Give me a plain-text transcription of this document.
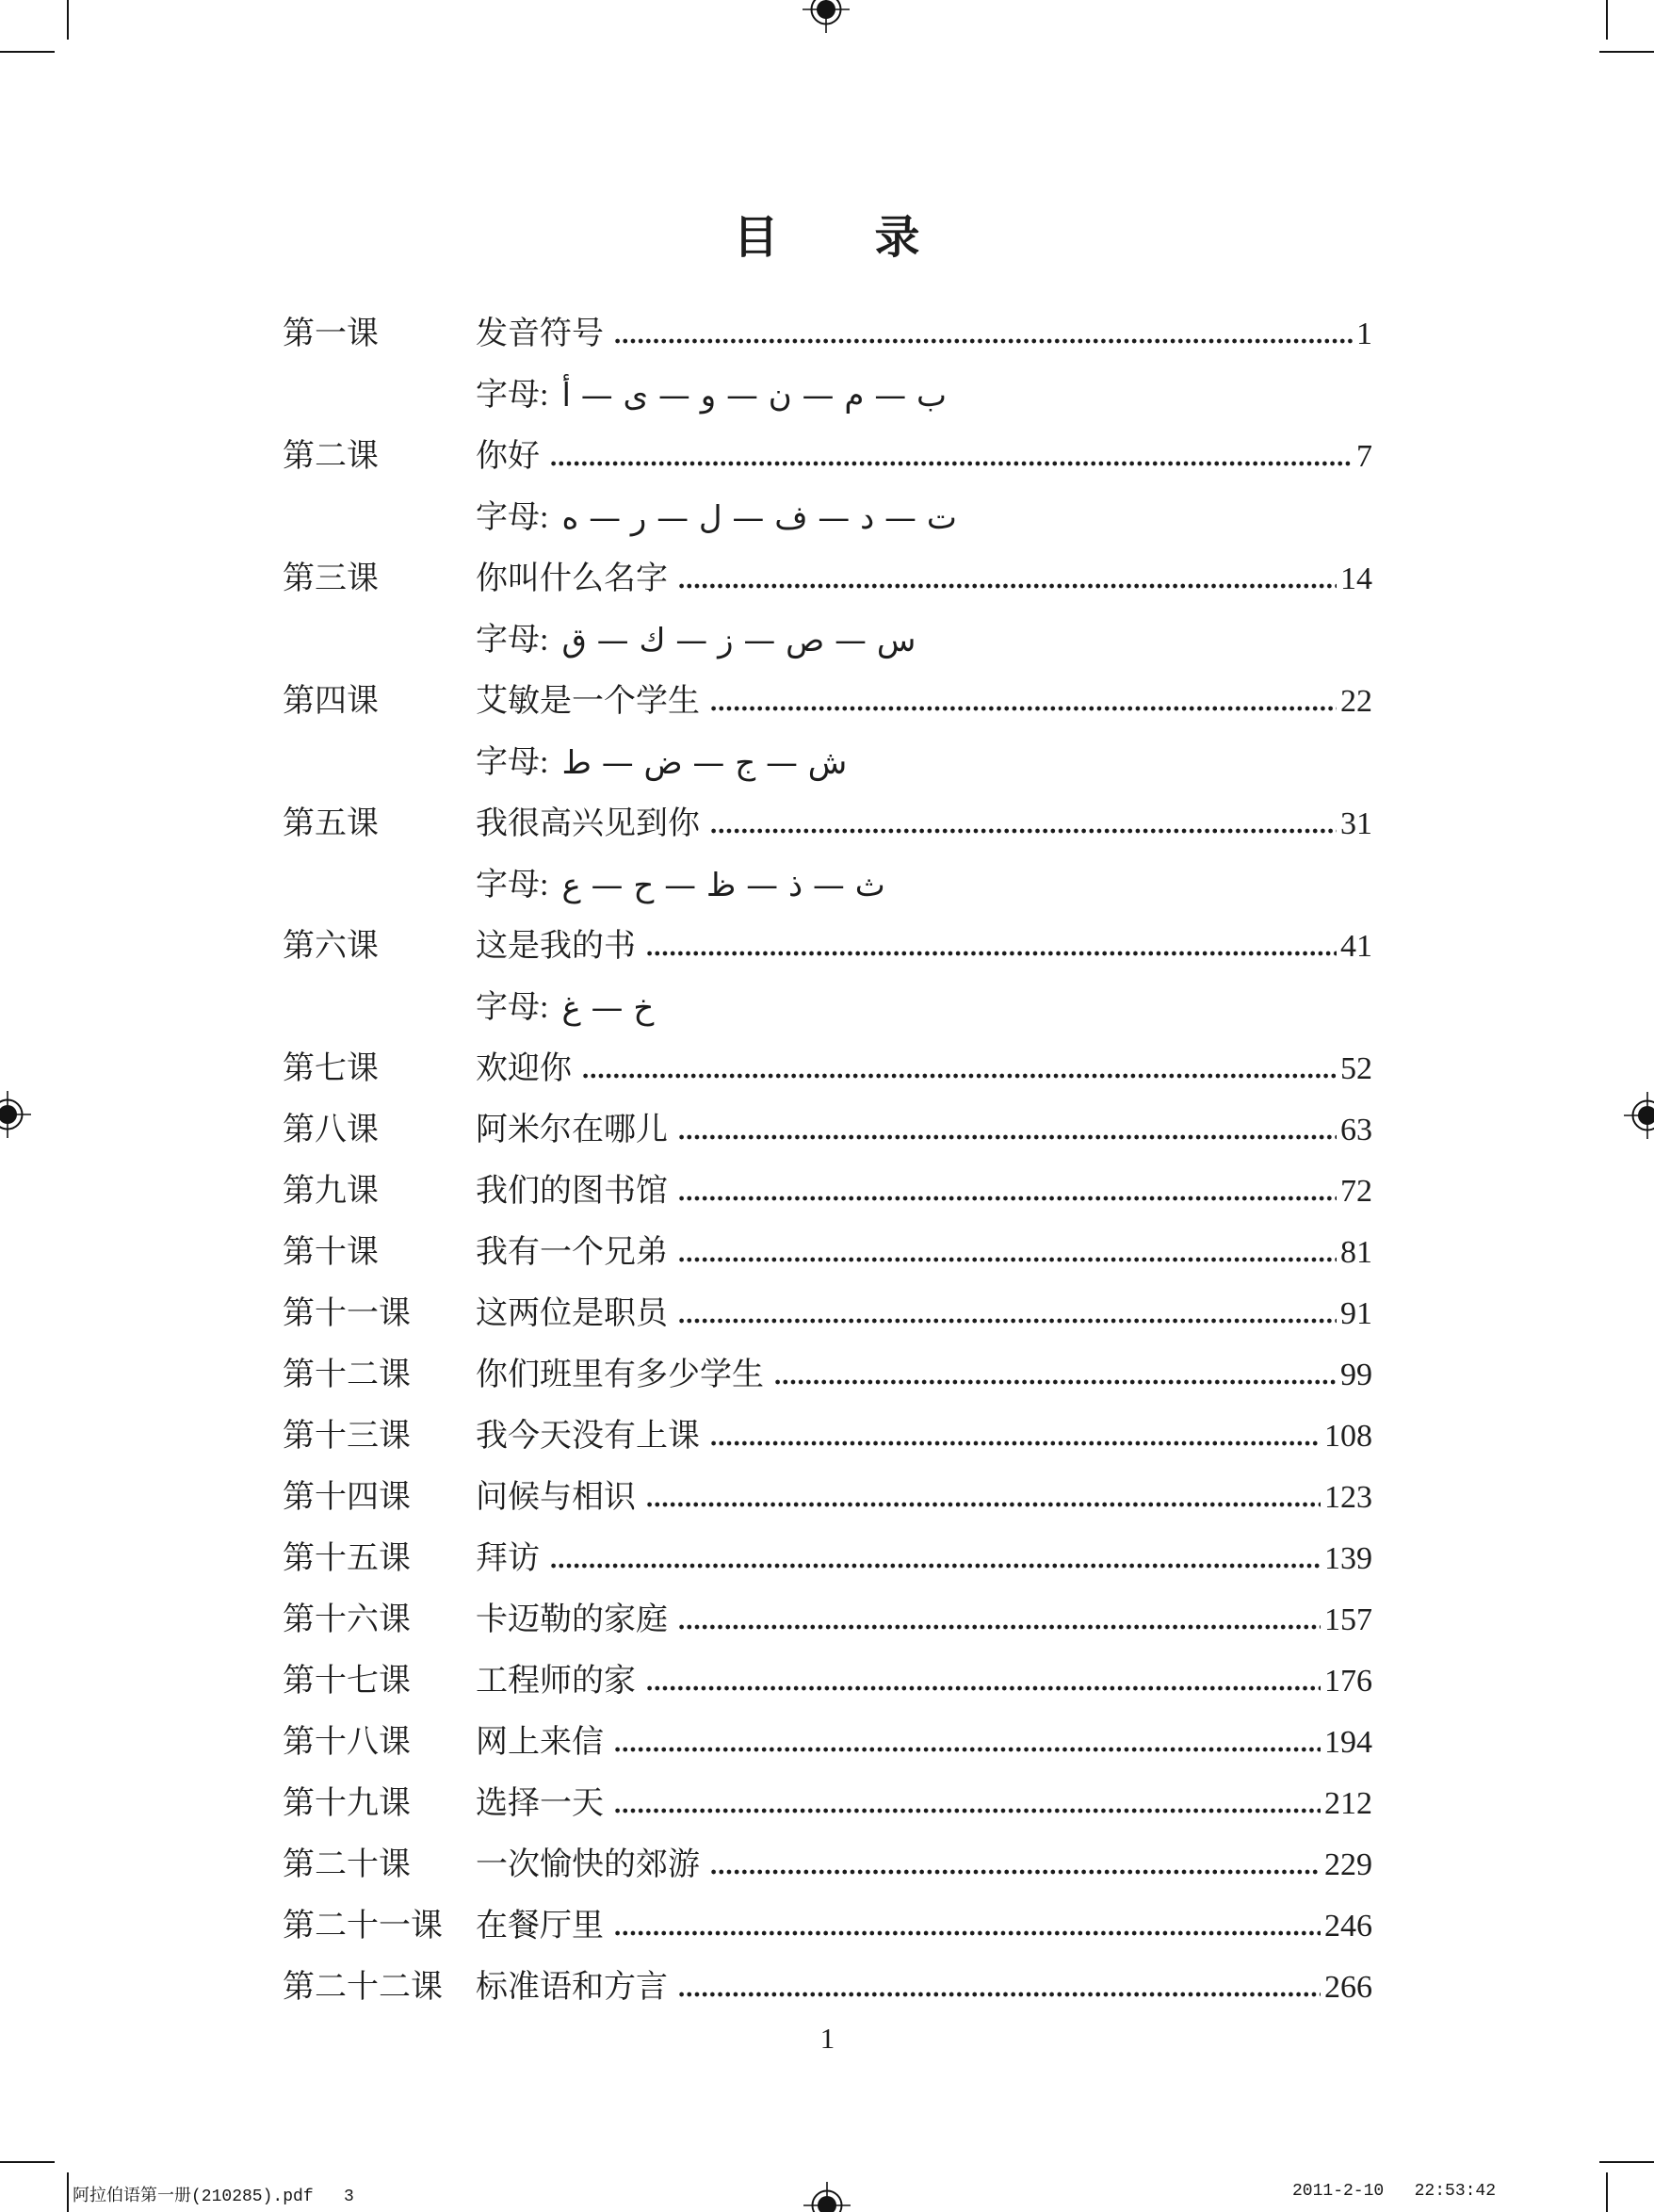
目　　录
第一课	发音符号	1
字母: ب — م — ن — و — ى — أ
第二课	你好	7
字母: ت — د — ف — ل — ر — ه
第三课	你叫什么名字	14
字母: س — ص — ز — ك — ق
第四课	艾敏是一个学生	22
字母: ش — ج — ض — ط
第五课	我很高兴见到你	31
字母: ث — ذ — ظ — ح — ع
第六课	这是我的书	41
字母: خ — غ
第七课	欢迎你	52
第八课	阿米尔在哪儿	63
第九课	我们的图书馆	72
第十课	我有一个兄弟	81
第十一课	这两位是职员	91
第十二课	你们班里有多少学生	99
第十三课	我今天没有上课	108
第十四课	问候与相识	123
第十五课	拜访	139
第十六课	卡迈勒的家庭	157
第十七课	工程师的家	176
第十八课	网上来信	194
第十九课	选择一天	212
第二十课	一次愉快的郊游	229
第二十一课	在餐厅里	246
第二十二课	标准语和方言	266
1
阿拉伯语第一册(210285).pdf   3	2011-2-10   22:53:42
